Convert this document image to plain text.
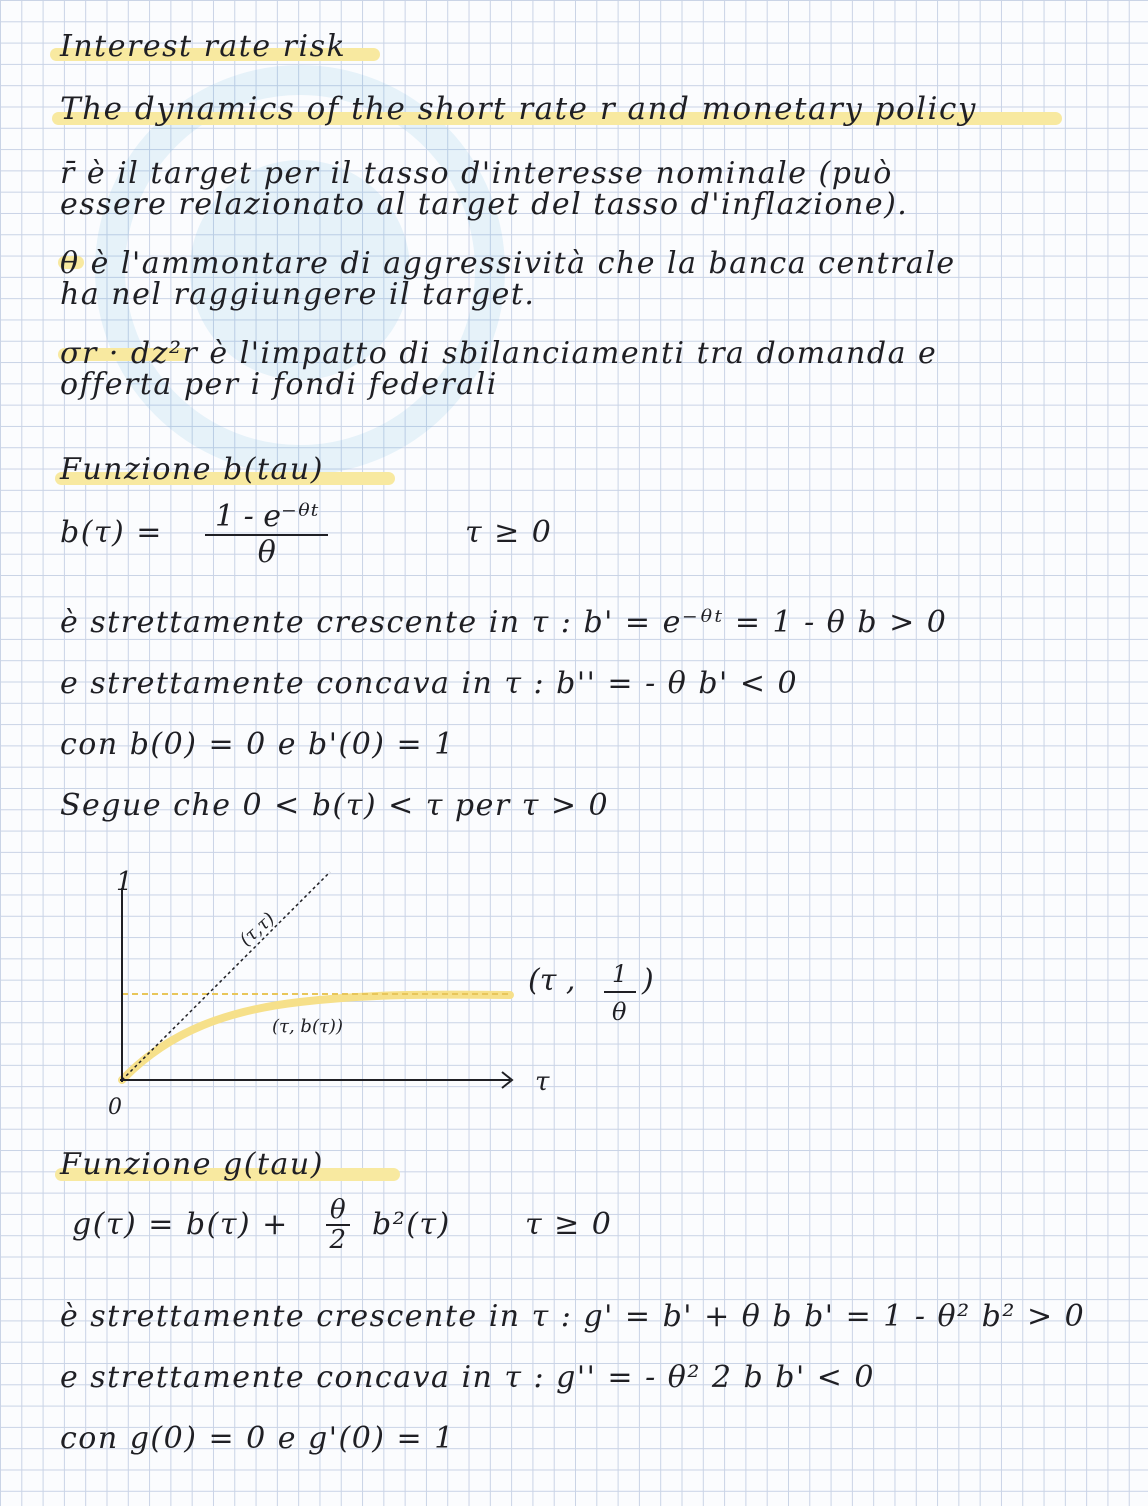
Interest rate risk
The dynamics of the short rate r and monetary policy
r̄ è il target per il tasso d'interesse nominale (può
essere relazionato al target del tasso d'inflazione).
θ è l'ammontare di aggressività che la banca centrale
ha nel raggiungere il target.
σr · dz²r è l'impatto di sbilanciamenti tra domanda e
offerta per i fondi federali
Funzione b(tau)
$b(\tau) = \frac{\text{1 - e⁻ᶿᵗ}}{\theta}$	τ ≥ 0
è strettamente crescente in τ : b' = e⁻ᶿᵗ = 1 - θ b > 0
e strettamente concava in τ : b'' = - θ b' < 0
con b(0) = 0 e b'(0) = 1
Segue che 0 < b(τ) < τ per τ > 0
1
τ
0
(τ,τ)
(τ, b(τ))
(τ , 1
θ
)
Funzione g(tau)
$g(\tau) = b(\tau) + \frac{\theta}{2} b^2(\tau) \tau \ge 0$
è strettamente crescente in τ : g' = b' + θ b b' = 1 - θ² b² > 0
e strettamente concava in τ : g'' = - θ² 2 b b' < 0
con g(0) = 0 e g'(0) = 1
